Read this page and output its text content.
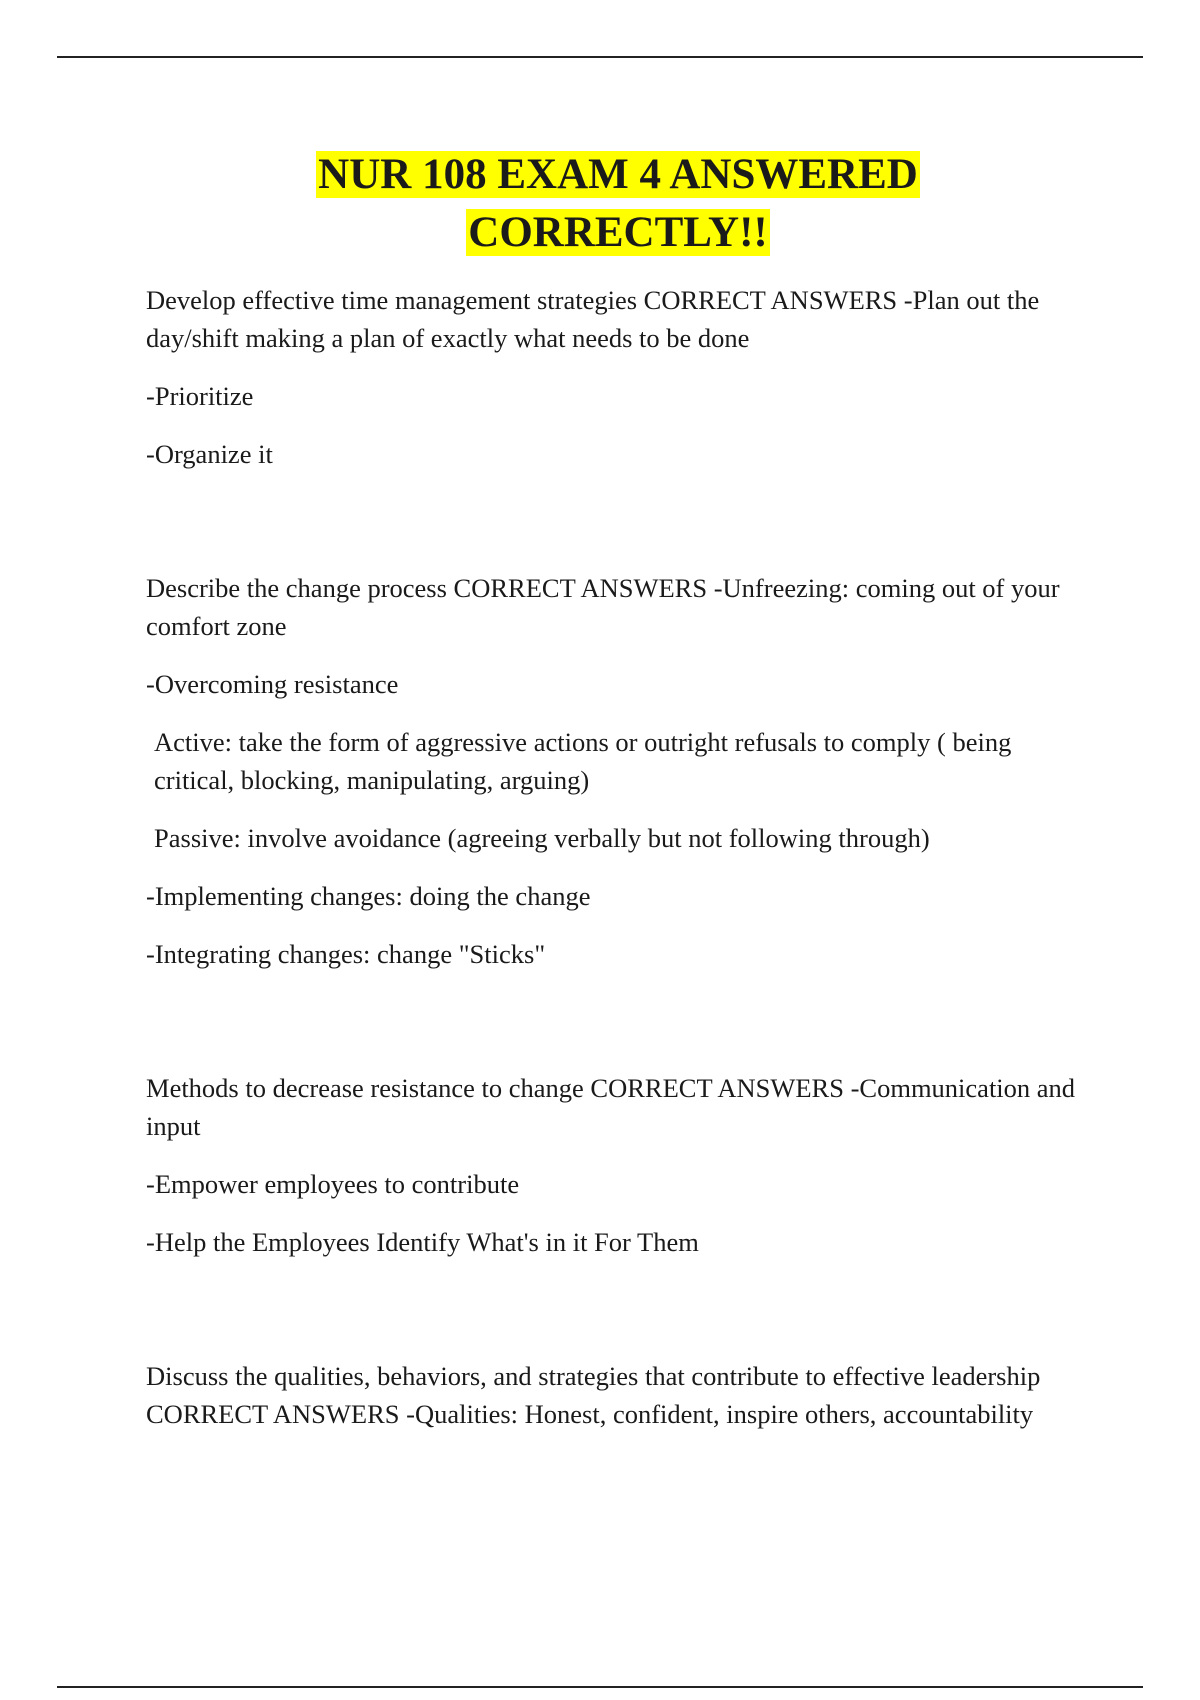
NUR 108 EXAM 4 ANSWERED
CORRECTLY!!

Develop effective time management strategies CORRECT ANSWERS -Plan out the day/shift making a plan of exactly what needs to be done

-Prioritize

-Organize it

Describe the change process CORRECT ANSWERS -Unfreezing: coming out of your comfort zone

-Overcoming resistance

Active: take the form of aggressive actions or outright refusals to comply ( being critical, blocking, manipulating, arguing)

Passive: involve avoidance (agreeing verbally but not following through)

-Implementing changes: doing the change

-Integrating changes: change "Sticks"

Methods to decrease resistance to change CORRECT ANSWERS -Communication and input

-Empower employees to contribute

-Help the Employees Identify What's in it For Them

Discuss the qualities, behaviors, and strategies that contribute to effective leadership CORRECT ANSWERS -Qualities: Honest, confident, inspire others, accountability
